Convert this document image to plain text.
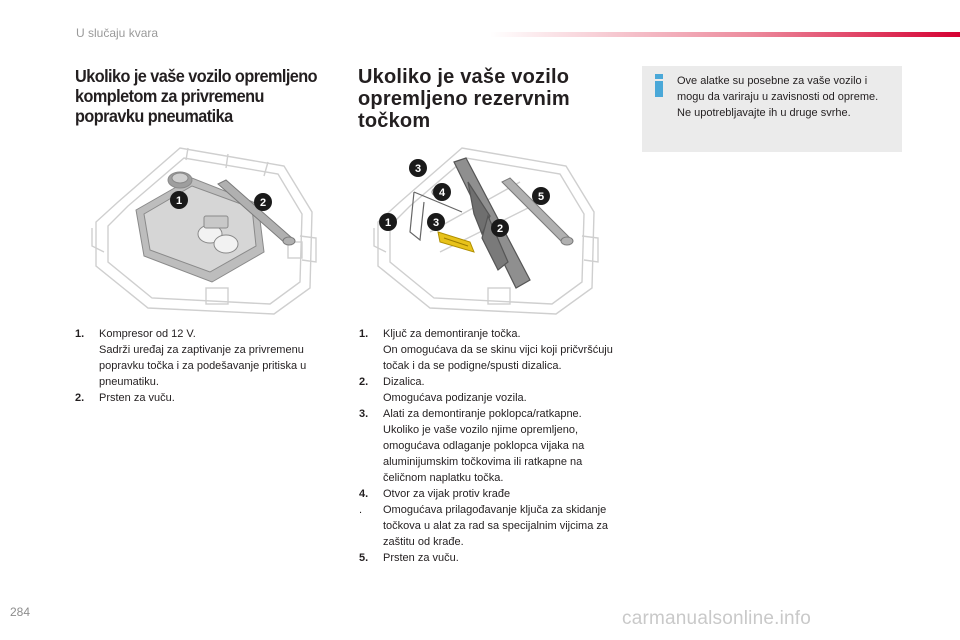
U slučaju kvara
Ukoliko je vaše vozilo opremljeno kompletom za privremenu popravku pneumatika
Ukoliko je vaše vozilo opremljeno rezervnim točkom
Ove alatke su posebne za vaše vozilo i mogu da variraju u zavisnosti od opreme. Ne upotrebljavajte ih u druge svrhe.
1	2
3
4	5
1	3	2
1. Kompresor od 12 V.
Sadrži uređaj za zaptivanje za privremenu popravku točka i za podešavanje pritiska u pneumatiku.
2. Prsten za vuču.
1. Ključ za demontiranje točka.
On omogućava da se skinu vijci koji pričvršćuju točak i da se podigne/spusti dizalica.
2. Dizalica.
Omogućava podizanje vozila.
3. Alati za demontiranje poklopca/ratkapne.
Ukoliko je vaše vozilo njime opremljeno, omogućava odlaganje poklopca vijaka na aluminijumskim točkovima ili ratkapne na čeličnom naplatku točka.
4. Otvor za vijak protiv krađe
. Omogućava prilagođavanje ključa za skidanje točkova u alat za rad sa specijalnim vijcima za zaštitu od krađe.
5. Prsten za vuču.
284	carmanualsonline.info
